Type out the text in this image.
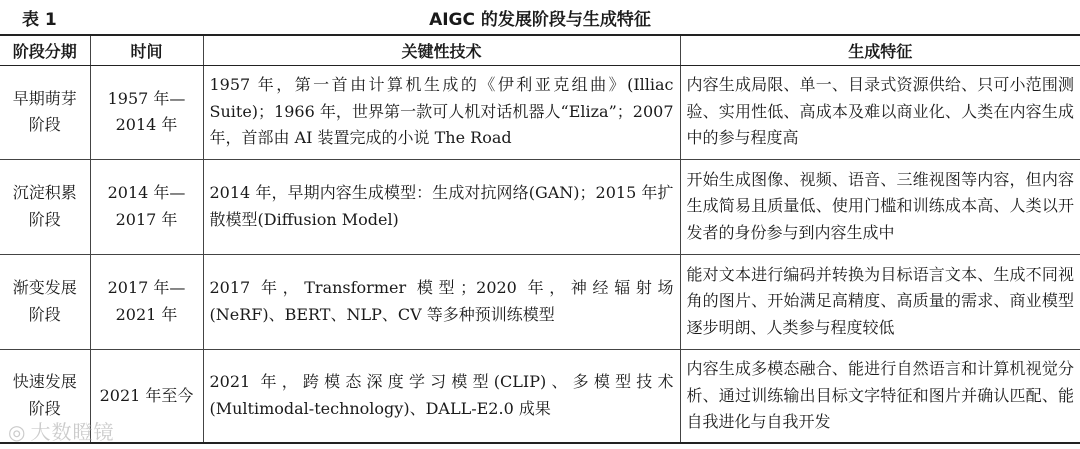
表 1	AIGC 的发展阶段与生成特征
阶段分期	时间	关键性技术	生成特征
早期萌芽阶段	1957 年—2014 年	1957 年，第一首由计算机生成的《伊利亚克组曲》(Illiac Suite)；1966 年，世界第一款可人机对话机器人“Eliza”；2007 年，首部由 AI 装置完成的小说 The Road	内容生成局限、单一、目录式资源供给、只可小范围测验、实用性低、高成本及难以商业化、人类在内容生成中的参与程度高
沉淀积累阶段	2014 年—2017 年	2014 年，早期内容生成模型：生成对抗网络(GAN)；2015 年扩散模型(Diffusion Model)	开始生成图像、视频、语音、三维视图等内容，但内容生成简易且质量低、使用门槛和训练成本高、人类以开发者的身份参与到内容生成中
渐变发展阶段	2017 年—2021 年	2017 年，Transformer 模型；2020 年，神经辐射场(NeRF)、BERT、NLP、CV 等多种预训练模型	能对文本进行编码并转换为目标语言文本、生成不同视角的图片、开始满足高精度、高质量的需求、商业模型逐步明朗、人类参与程度较低
快速发展阶段	2021 年至今	2021 年，跨模态深度学习模型(CLIP)、多模型技术(Multimodal-technology)、DALL-E2.0 成果	内容生成多模态融合、能进行自然语言和计算机视觉分析、通过训练输出目标文字特征和图片并确认匹配、能自我进化与自我开发
◎ 大数瞪镜
